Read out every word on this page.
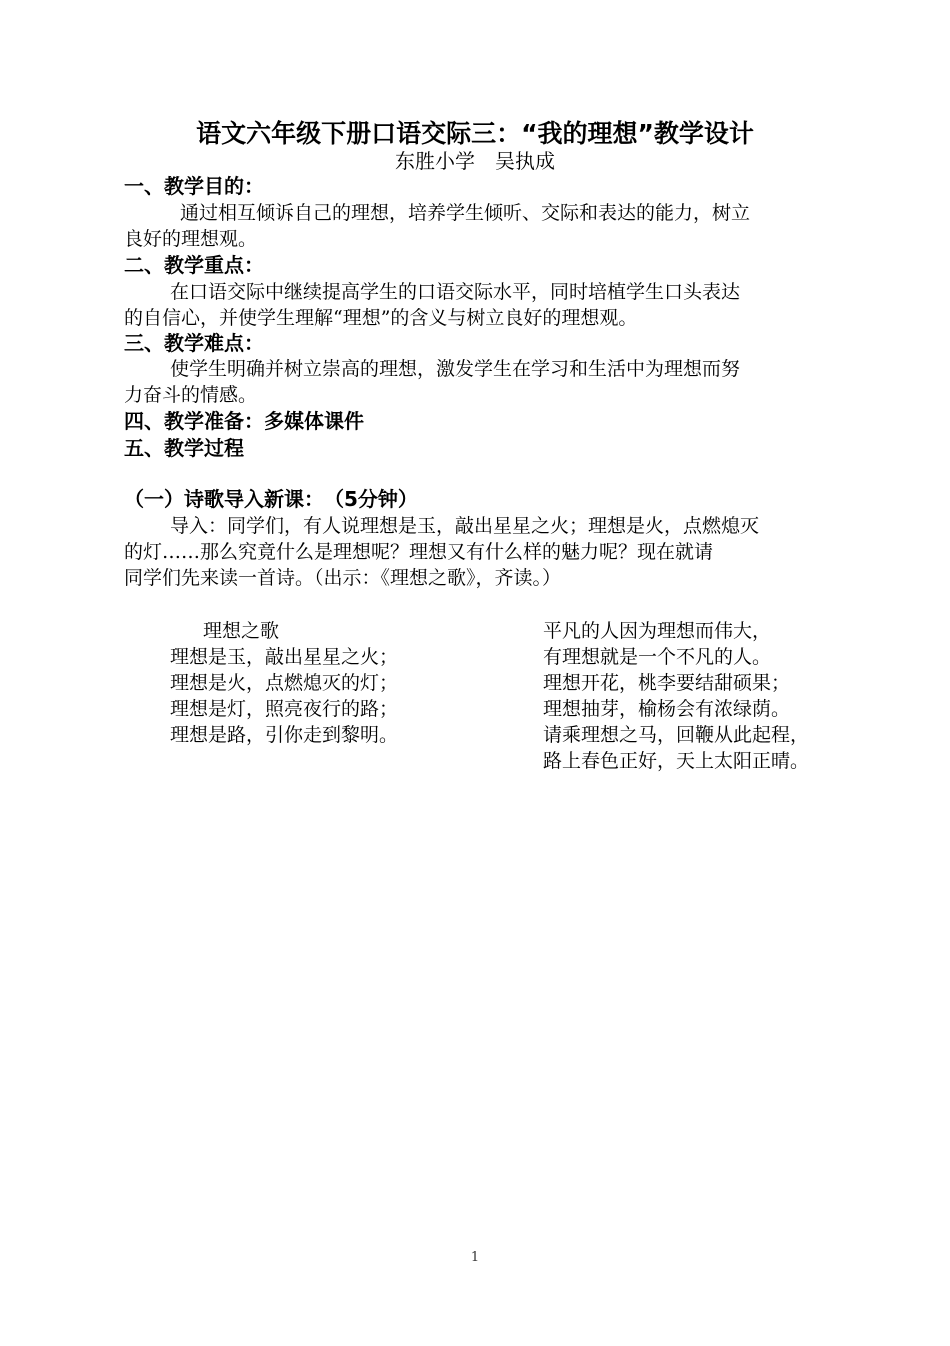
语文六年级下册口语交际三：“我的理想”教学设计
东胜小学　吴执成
一、教学目的：
通过相互倾诉自己的理想，培养学生倾听、交际和表达的能力，树立
良好的理想观。
二、教学重点：
在口语交际中继续提高学生的口语交际水平，同时培植学生口头表达
的自信心，并使学生理解“理想”的含义与树立良好的理想观。
三、教学难点：
使学生明确并树立崇高的理想，激发学生在学习和生活中为理想而努
力奋斗的情感。
四、教学准备：多媒体课件
五、教学过程
（一）诗歌导入新课：　（5分钟）
导入：同学们，有人说理想是玉，敲出星星之火；理想是火，点燃熄灭
的灯……那么究竟什么是理想呢？理想又有什么样的魅力呢？现在就请
同学们先来读一首诗。（出示：《理想之歌》，齐读。）
理想之歌
理想是玉，敲出星星之火；
理想是火，点燃熄灭的灯；
理想是灯，照亮夜行的路；
理想是路，引你走到黎明。
平凡的人因为理想而伟大，
有理想就是一个不凡的人。
理想开花，桃李要结甜硕果；
理想抽芽，榆杨会有浓绿荫。
请乘理想之马，回鞭从此起程，
路上春色正好，天上太阳正晴。
1
